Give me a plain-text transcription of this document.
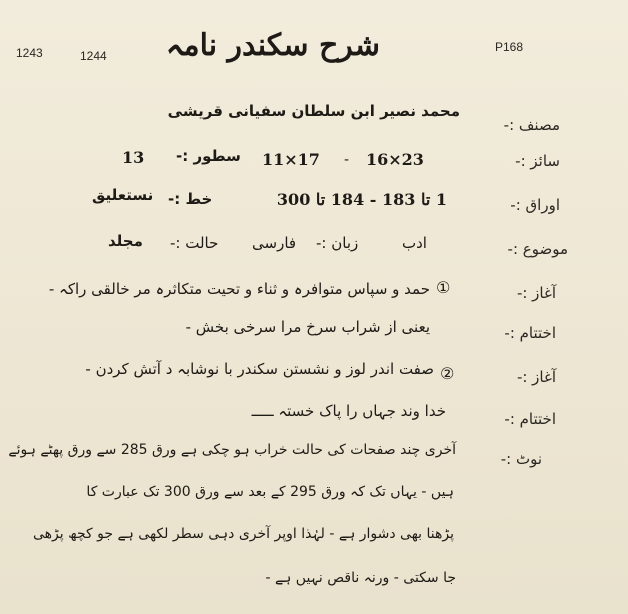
1243	1244 شرح سکندر نامہ	P168
محمد نصیر ابن سلطان سفیانی قریشی
مصنف :-
سائز :-
16×23
-
11×17
سطور :-
13
اوراق :-
1 تا 183 - 184 تا 300
خط :-
نستعلیق
موضوع :-
ادب
زبان :-
فارسی
حالت :-
مجلد
آغاز :-
①
حمد و سپاس متوافرہ و ثناء و تحیت متکاثرہ مر خالقی راکہ -
اختتام :-
یعنی از شراب سرخ مرا سرخی بخش -
آغاز :-
②
صفت اندر لوز و نشستن سکندر با نوشابہ د آتش کردن -
اختتام :-
خدا وند جہاں را پاک خستہ ـــــ
نوٹ :-
آخری چند صفحات کی حالت خراب ہو چکی ہے ورق 285 سے ورق پھٹے ہوئے
ہیں - یہاں تک کہ ورق 295 کے بعد سے ورق 300 تک عبارت کا
پڑھنا بھی دشوار ہے - لہٰذا اوپر آخری دہی سطر لکھی ہے جو کچھ پڑھی
جا سکتی - ورنہ ناقص نہیں ہے -
